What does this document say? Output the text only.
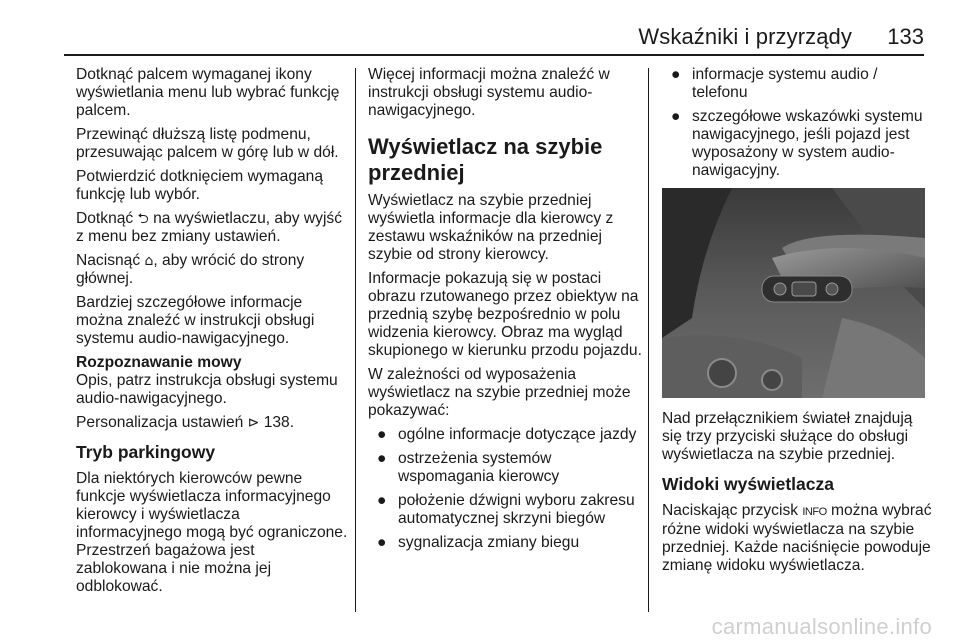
Wskaźniki i przyrządy 133

Dotknąć palcem wymaganej ikony wyświetlania menu lub wybrać funkcję palcem.

Przewinąć dłuższą listę podmenu, przesuwając palcem w górę lub w dół.

Potwierdzić dotknięciem wymaganą funkcję lub wybór.

Dotknąć ⮌ na wyświetlaczu, aby wyjść z menu bez zmiany ustawień.

Nacisnąć ⌂, aby wrócić do strony głównej.

Bardziej szczegółowe informacje można znaleźć w instrukcji obsługi systemu audio-nawigacyjnego.

Rozpoznawanie mowy

Opis, patrz instrukcja obsługi systemu audio-nawigacyjnego.

Personalizacja ustawień ⊳ 138.

Tryb parkingowy

Dla niektórych kierowców pewne funkcje wyświetlacza informacyjnego kierowcy i wyświetlacza informacyjnego mogą być ograniczone. Przestrzeń bagażowa jest zablokowana i nie można jej odblokować.

Więcej informacji można znaleźć w instrukcji obsługi systemu audio-nawigacyjnego.

Wyświetlacz na szybie przedniej

Wyświetlacz na szybie przedniej wyświetla informacje dla kierowcy z zestawu wskaźników na przedniej szybie od strony kierowcy.

Informacje pokazują się w postaci obrazu rzutowanego przez obiektyw na przednią szybę bezpośrednio w polu widzenia kierowcy. Obraz ma wygląd skupionego w kierunku przodu pojazdu.

W zależności od wyposażenia wyświetlacz na szybie przedniej może pokazywać:

● ogólne informacje dotyczące jazdy
● ostrzeżenia systemów wspomagania kierowcy
● położenie dźwigni wyboru zakresu automatycznej skrzyni biegów
● sygnalizacja zmiany biegu
● informacje systemu audio / telefonu
● szczegółowe wskazówki systemu nawigacyjnego, jeśli pojazd jest wyposażony w system audio-nawigacyjny.

Nad przełącznikiem świateł znajdują się trzy przyciski służące do obsługi wyświetlacza na szybie przedniej.

Widoki wyświetlacza

Naciskając przycisk INFO można wybrać różne widoki wyświetlacza na szybie przedniej. Każde naciśnięcie powoduje zmianę widoku wyświetlacza.

carmanualsonline.info
